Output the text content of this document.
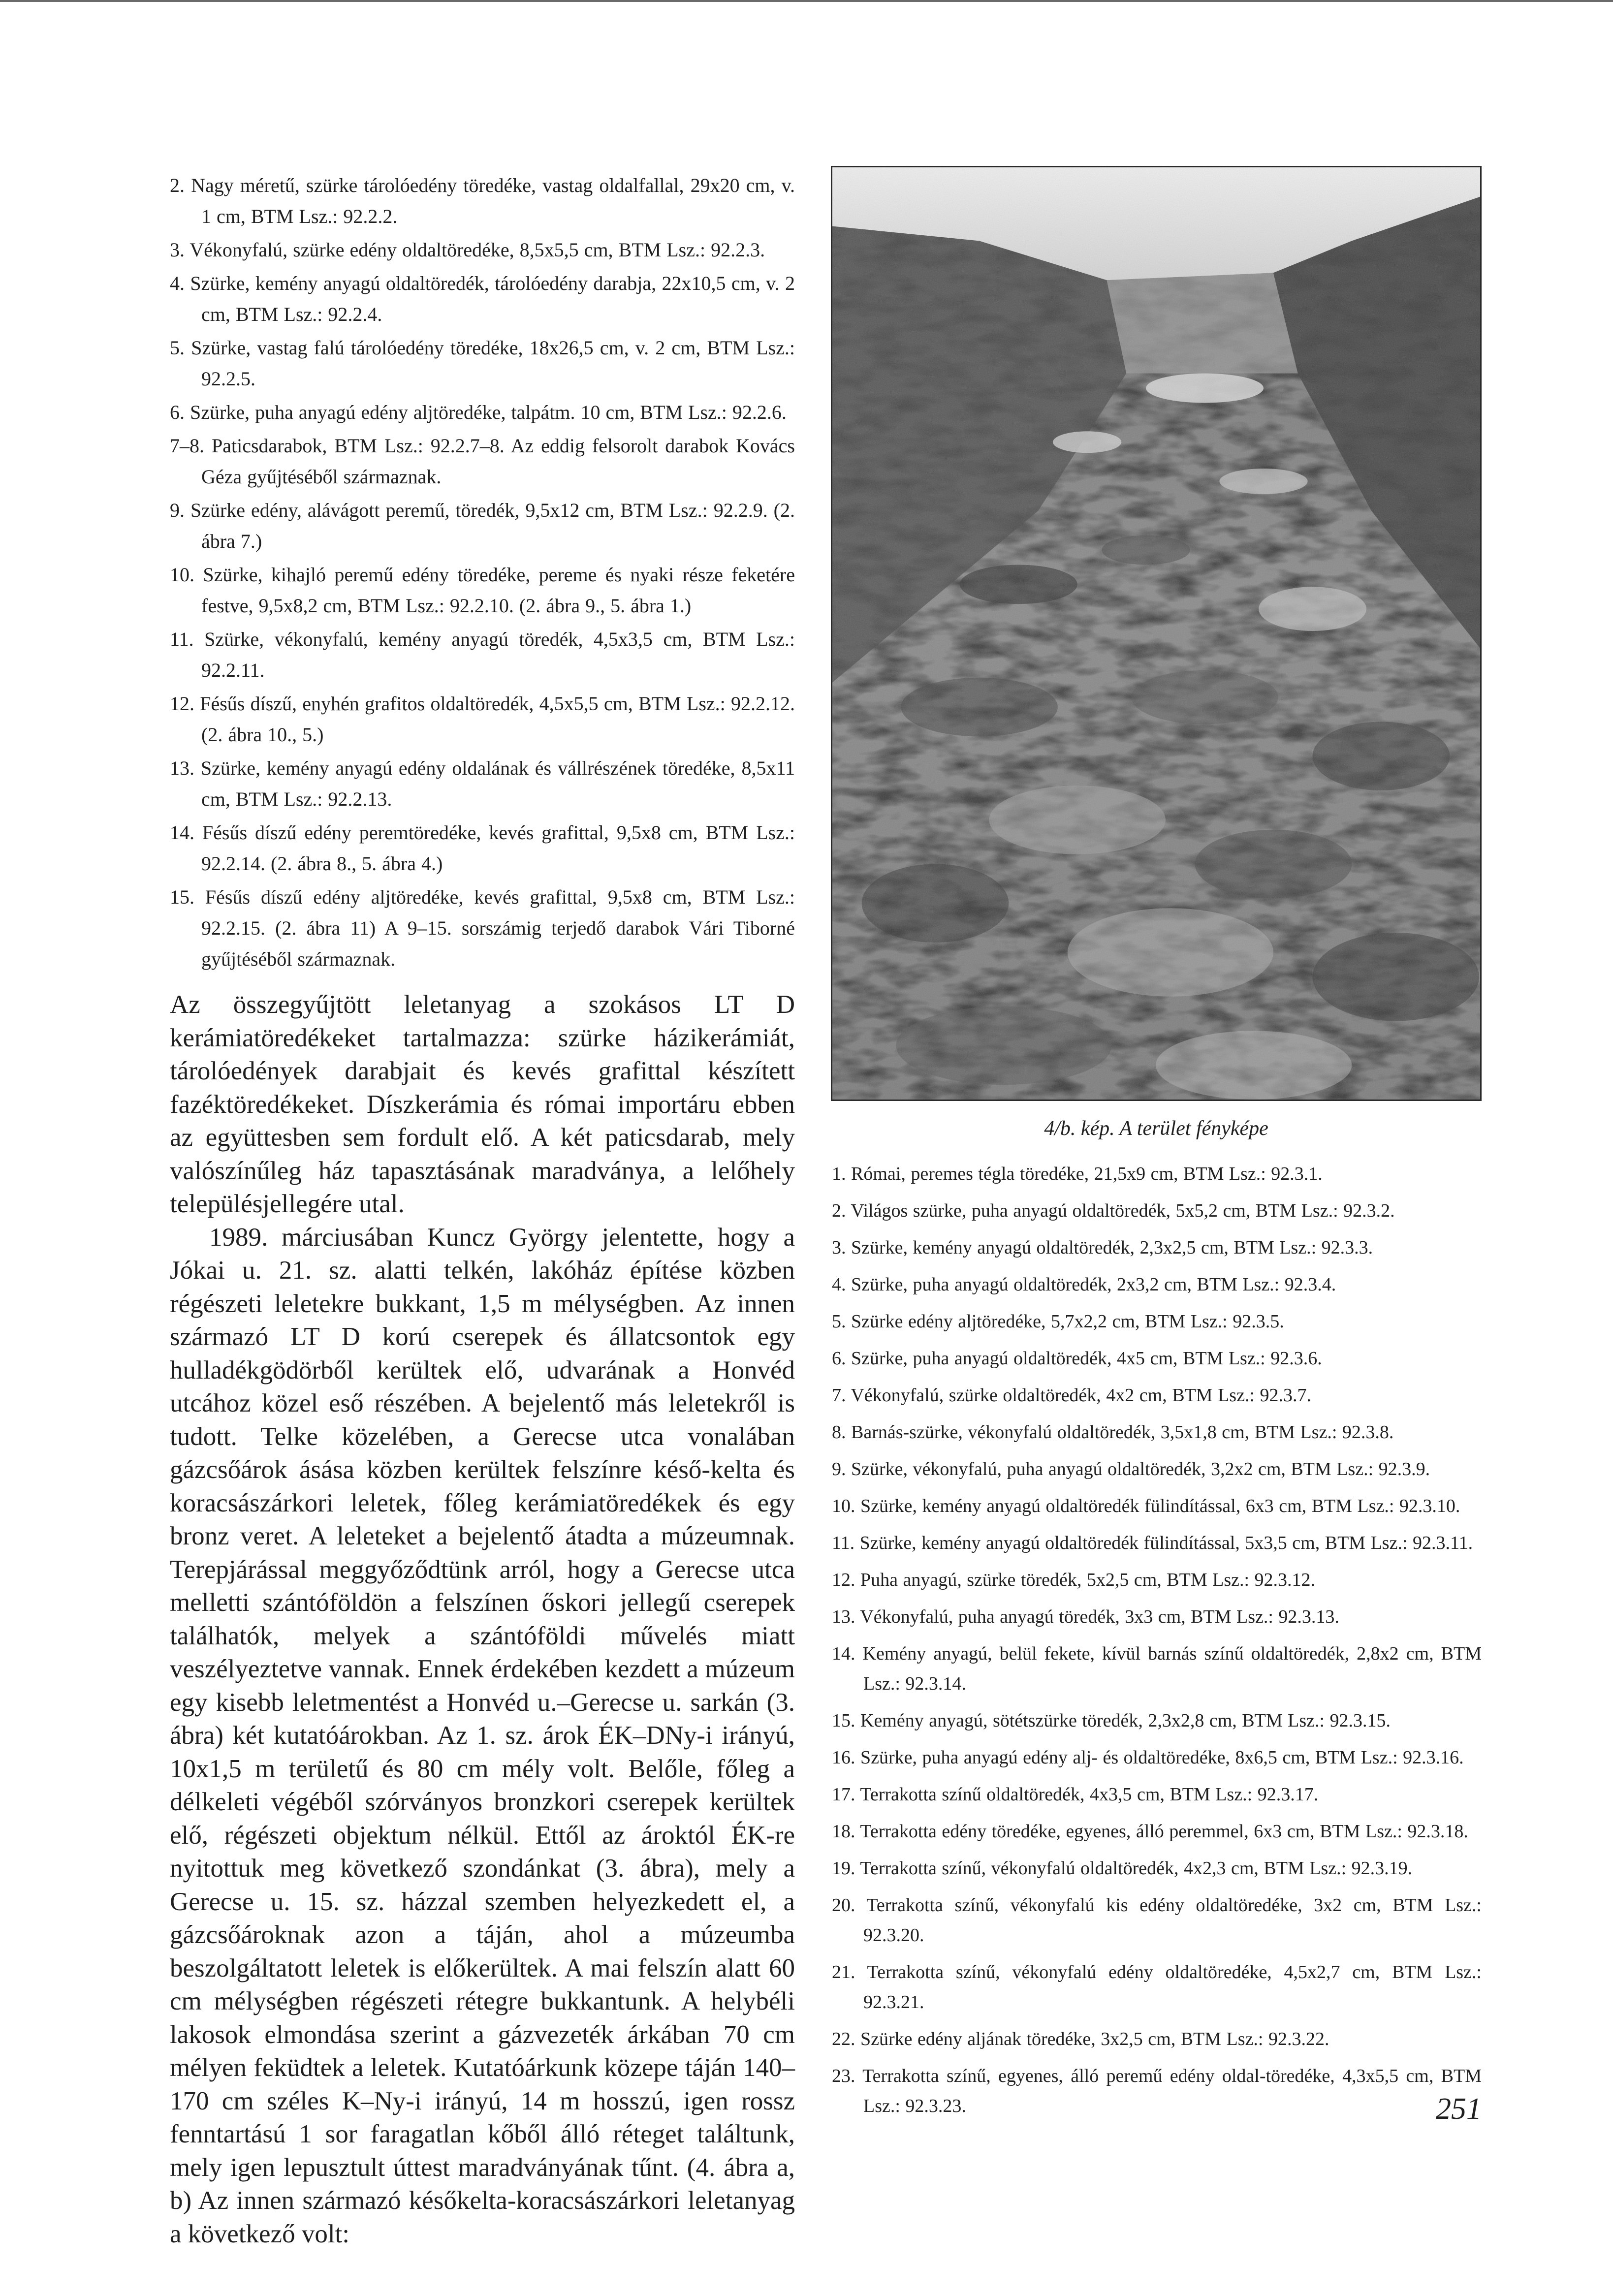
2. Nagy méretű, szürke tárolóedény töredéke, vastag oldalfallal, 29x20 cm, v. 1 cm, BTM Lsz.: 92.2.2.
3. Vékonyfalú, szürke edény oldaltöredéke, 8,5x5,5 cm, BTM Lsz.: 92.2.3.
4. Szürke, kemény anyagú oldaltöredék, tárolóedény darabja, 22x10,5 cm, v. 2 cm, BTM Lsz.: 92.2.4.
5. Szürke, vastag falú tárolóedény töredéke, 18x26,5 cm, v. 2 cm, BTM Lsz.: 92.2.5.
6. Szürke, puha anyagú edény aljtöredéke, talpátm. 10 cm, BTM Lsz.: 92.2.6.
7–8. Paticsdarabok, BTM Lsz.: 92.2.7–8. Az eddig felsorolt darabok Kovács Géza gyűjtéséből származnak.
9. Szürke edény, alávágott peremű, töredék, 9,5x12 cm, BTM Lsz.: 92.2.9. (2. ábra 7.)
10. Szürke, kihajló peremű edény töredéke, pereme és nyaki része feketére festve, 9,5x8,2 cm, BTM Lsz.: 92.2.10. (2. ábra 9., 5. ábra 1.)
11. Szürke, vékonyfalú, kemény anyagú töredék, 4,5x3,5 cm, BTM Lsz.: 92.2.11.
12. Fésűs díszű, enyhén grafitos oldaltöredék, 4,5x5,5 cm, BTM Lsz.: 92.2.12. (2. ábra 10., 5.)
13. Szürke, kemény anyagú edény oldalának és vállrészének töredéke, 8,5x11 cm, BTM Lsz.: 92.2.13.
14. Fésűs díszű edény peremtöredéke, kevés grafittal, 9,5x8 cm, BTM Lsz.: 92.2.14. (2. ábra 8., 5. ábra 4.)
15. Fésűs díszű edény aljtöredéke, kevés grafittal, 9,5x8 cm, BTM Lsz.: 92.2.15. (2. ábra 11) A 9–15. sorszámig terjedő darabok Vári Tiborné gyűjtéséből származnak.

Az összegyűjtött leletanyag a szokásos LT D kerámiatöredékeket tartalmazza: szürke házikerámiát, tárolóedények darabjait és kevés grafittal készített fazéktöredékeket. Díszkerámia és római importáru ebben az együttesben sem fordult elő. A két paticsdarab, mely valószínűleg ház tapasztásának maradványa, a lelőhely településjellegére utal.

1989. márciusában Kuncz György jelentette, hogy a Jókai u. 21. sz. alatti telkén, lakóház építése közben régészeti leletekre bukkant, 1,5 m mélységben. Az innen származó LT D korú cserepek és állatcsontok egy hulladékgödörből kerültek elő, udvarának a Honvéd utcához közel eső részében. A bejelentő más leletekről is tudott. Telke közelében, a Gerecse utca vonalában gázcsőárok ásása közben kerültek felszínre késő-kelta és koracsászárkori leletek, főleg kerámiatöredékek és egy bronz veret. A leleteket a bejelentő átadta a múzeumnak. Terepjárással meggyőződtünk arról, hogy a Gerecse utca melletti szántóföldön a felszínen őskori jellegű cserepek találhatók, melyek a szántóföldi művelés miatt veszélyeztetve vannak. Ennek érdekében kezdett a múzeum egy kisebb leletmentést a Honvéd u.–Gerecse u. sarkán (3. ábra) két kutatóárokban. Az 1. sz. árok ÉK–DNy-i irányú, 10x1,5 m területű és 80 cm mély volt. Belőle, főleg a délkeleti végéből szórványos bronzkori cserepek kerültek elő, régészeti objektum nélkül. Ettől az ároktól ÉK-re nyitottuk meg következő szondánkat (3. ábra), mely a Gerecse u. 15. sz. házzal szemben helyezkedett el, a gázcsőároknak azon a táján, ahol a múzeumba beszolgáltatott leletek is előkerültek. A mai felszín alatt 60 cm mélységben régészeti rétegre bukkantunk. A helybéli lakosok elmondása szerint a gázvezeték árkában 70 cm mélyen feküdtek a leletek. Kutatóárkunk közepe táján 140–170 cm széles K–Ny-i irányú, 14 m hosszú, igen rossz fenntartású 1 sor faragatlan kőből álló réteget találtunk, mely igen lepusztult úttest maradványának tűnt. (4. ábra a, b) Az innen származó későkelta-koracsászárkori leletanyag a következő volt:

4/b. kép. A terület fényképe

1. Római, peremes tégla töredéke, 21,5x9 cm, BTM Lsz.: 92.3.1.
2. Világos szürke, puha anyagú oldaltöredék, 5x5,2 cm, BTM Lsz.: 92.3.2.
3. Szürke, kemény anyagú oldaltöredék, 2,3x2,5 cm, BTM Lsz.: 92.3.3.
4. Szürke, puha anyagú oldaltöredék, 2x3,2 cm, BTM Lsz.: 92.3.4.
5. Szürke edény aljtöredéke, 5,7x2,2 cm, BTM Lsz.: 92.3.5.
6. Szürke, puha anyagú oldaltöredék, 4x5 cm, BTM Lsz.: 92.3.6.
7. Vékonyfalú, szürke oldaltöredék, 4x2 cm, BTM Lsz.: 92.3.7.
8. Barnás-szürke, vékonyfalú oldaltöredék, 3,5x1,8 cm, BTM Lsz.: 92.3.8.
9. Szürke, vékonyfalú, puha anyagú oldaltöredék, 3,2x2 cm, BTM Lsz.: 92.3.9.
10. Szürke, kemény anyagú oldaltöredék fülindítással, 6x3 cm, BTM Lsz.: 92.3.10.
11. Szürke, kemény anyagú oldaltöredék fülindítással, 5x3,5 cm, BTM Lsz.: 92.3.11.
12. Puha anyagú, szürke töredék, 5x2,5 cm, BTM Lsz.: 92.3.12.
13. Vékonyfalú, puha anyagú töredék, 3x3 cm, BTM Lsz.: 92.3.13.
14. Kemény anyagú, belül fekete, kívül barnás színű oldaltöredék, 2,8x2 cm, BTM Lsz.: 92.3.14.
15. Kemény anyagú, sötétszürke töredék, 2,3x2,8 cm, BTM Lsz.: 92.3.15.
16. Szürke, puha anyagú edény alj- és oldaltöredéke, 8x6,5 cm, BTM Lsz.: 92.3.16.
17. Terrakotta színű oldaltöredék, 4x3,5 cm, BTM Lsz.: 92.3.17.
18. Terrakotta edény töredéke, egyenes, álló peremmel, 6x3 cm, BTM Lsz.: 92.3.18.
19. Terrakotta színű, vékonyfalú oldaltöredék, 4x2,3 cm, BTM Lsz.: 92.3.19.
20. Terrakotta színű, vékonyfalú kis edény oldaltöredéke, 3x2 cm, BTM Lsz.: 92.3.20.
21. Terrakotta színű, vékonyfalú edény oldaltöredéke, 4,5x2,7 cm, BTM Lsz.: 92.3.21.
22. Szürke edény aljának töredéke, 3x2,5 cm, BTM Lsz.: 92.3.22.
23. Terrakotta színű, egyenes, álló peremű edény oldal-töredéke, 4,3x5,5 cm, BTM Lsz.: 92.3.23.	251
